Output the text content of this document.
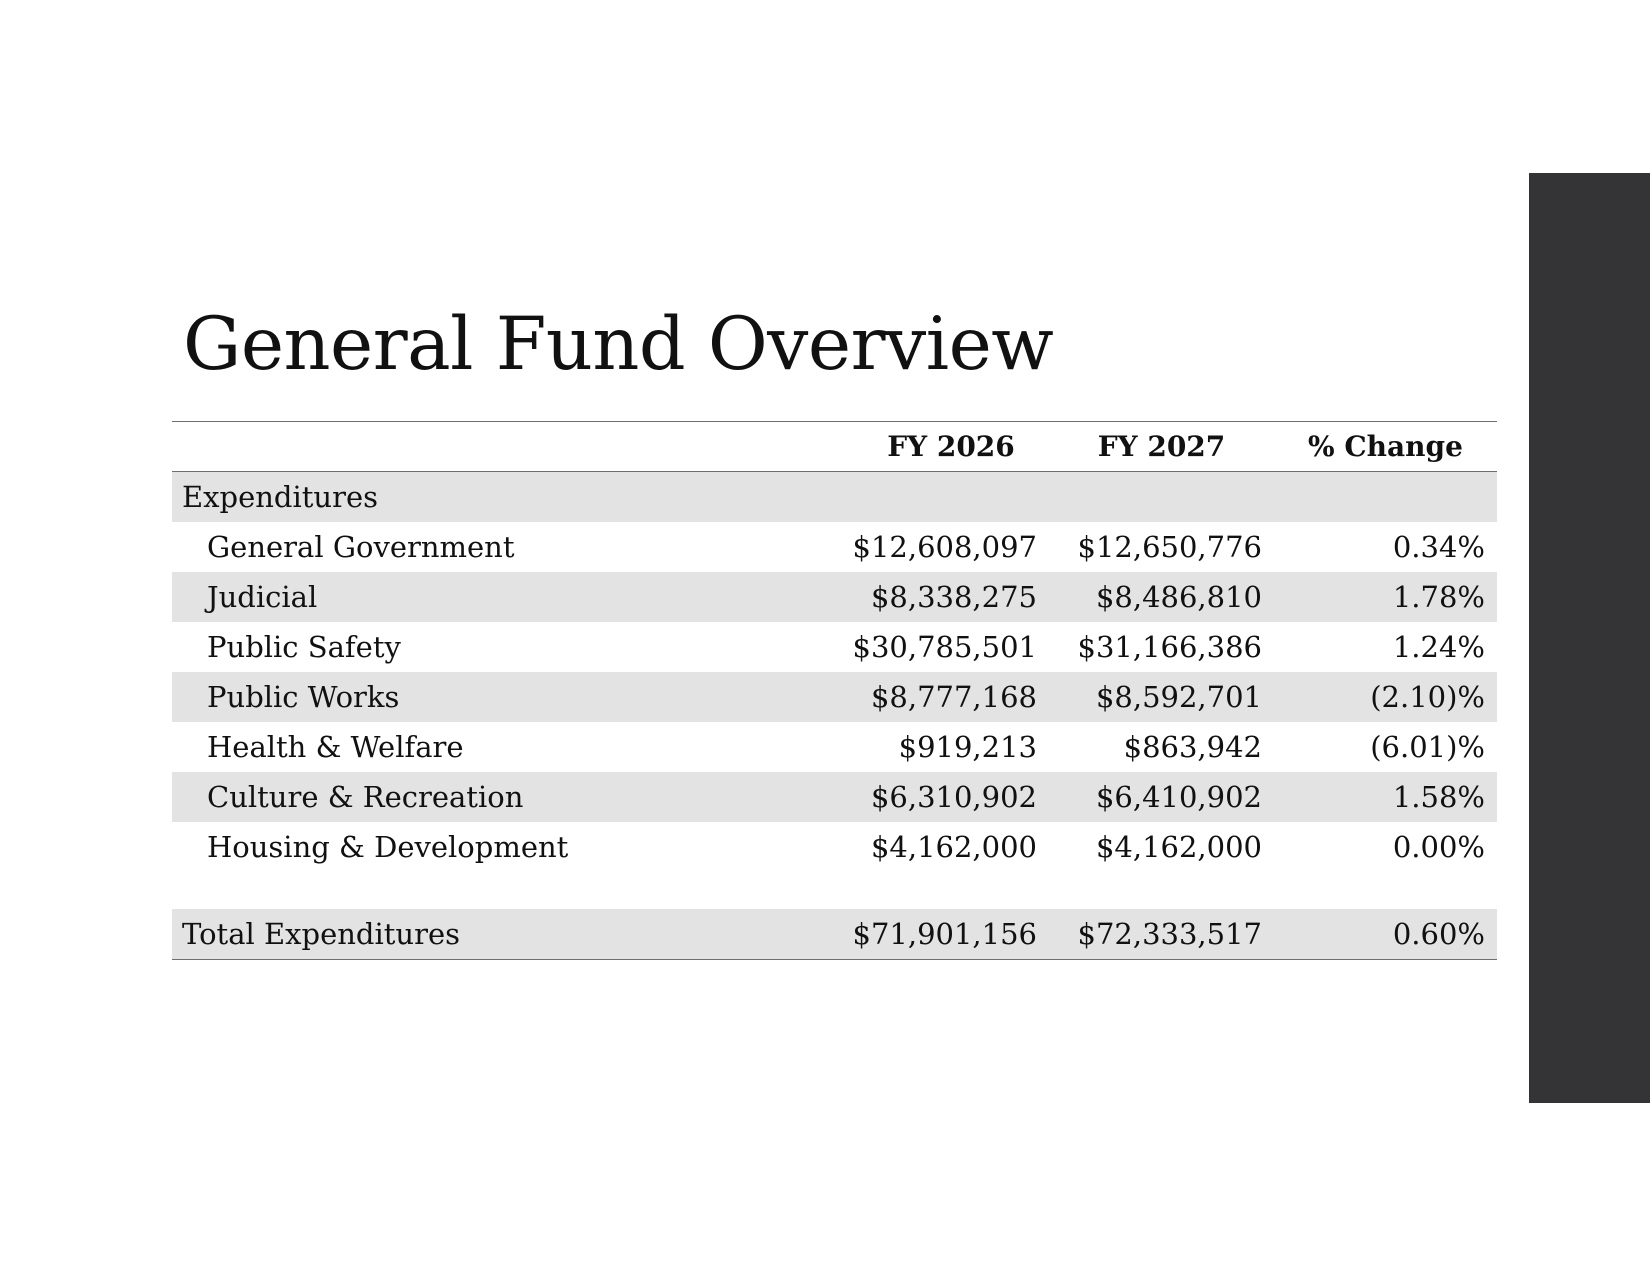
General Fund Overview
	FY 2026	FY 2027	% Change
Expenditures			
General Government	$12,608,097	$12,650,776	0.34%
Judicial	$8,338,275	$8,486,810	1.78%
Public Safety	$30,785,501	$31,166,386	1.24%
Public Works	$8,777,168	$8,592,701	(2.10)%
Health & Welfare	$919,213	$863,942	(6.01)%
Culture & Recreation	$6,310,902	$6,410,902	1.58%
Housing & Development	$4,162,000	$4,162,000	0.00%

Total Expenditures	$71,901,156	$72,333,517	0.60%
